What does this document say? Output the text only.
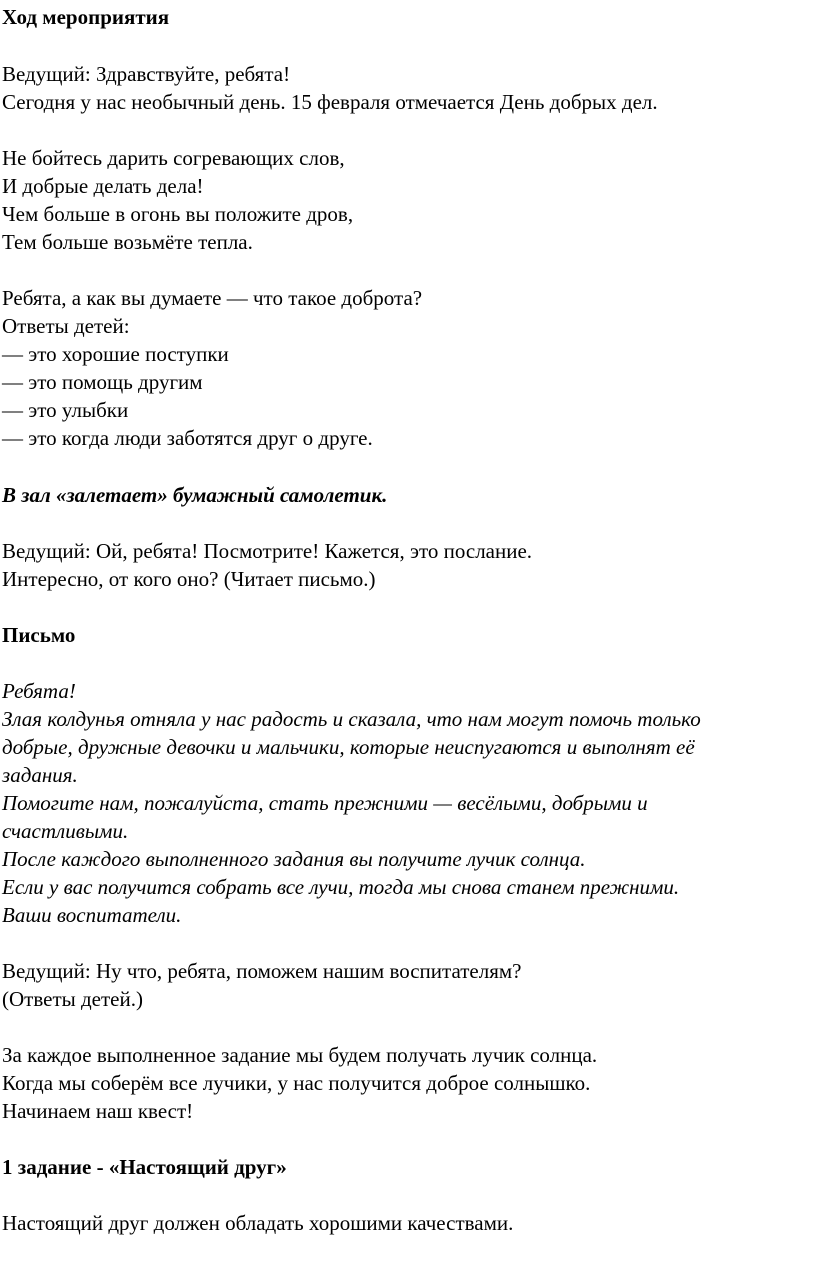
Ход мероприятия
Ведущий: Здравствуйте, ребята!
Сегодня у нас необычный день. 15 февраля отмечается День добрых дел.
Не бойтесь дарить согревающих слов,
И добрые делать дела!
Чем больше в огонь вы положите дров,
Тем больше возьмёте тепла.
Ребята, а как вы думаете — что такое доброта?
Ответы детей:
— это хорошие поступки
— это помощь другим
— это улыбки
— это когда люди заботятся друг о друге.
В зал «залетает» бумажный самолетик.
Ведущий: Ой, ребята! Посмотрите! Кажется, это послание.
Интересно, от кого оно? (Читает письмо.)
Письмо
Ребята!
Злая колдунья отняла у нас радость и сказала, что нам могут помочь только
добрые, дружные девочки и мальчики, которые неиспугаются и выполнят её
задания.
Помогите нам, пожалуйста, стать прежними — весёлыми, добрыми и
счастливыми.
После каждого выполненного задания вы получите лучик солнца.
Если у вас получится собрать все лучи, тогда мы снова станем прежними.
Ваши воспитатели.
Ведущий: Ну что, ребята, поможем нашим воспитателям?
(Ответы детей.)
За каждое выполненное задание мы будем получать лучик солнца.
Когда мы соберём все лучики, у нас получится доброе солнышко.
Начинаем наш квест!
1 задание - «Настоящий друг»
Настоящий друг должен обладать хорошими качествами.
